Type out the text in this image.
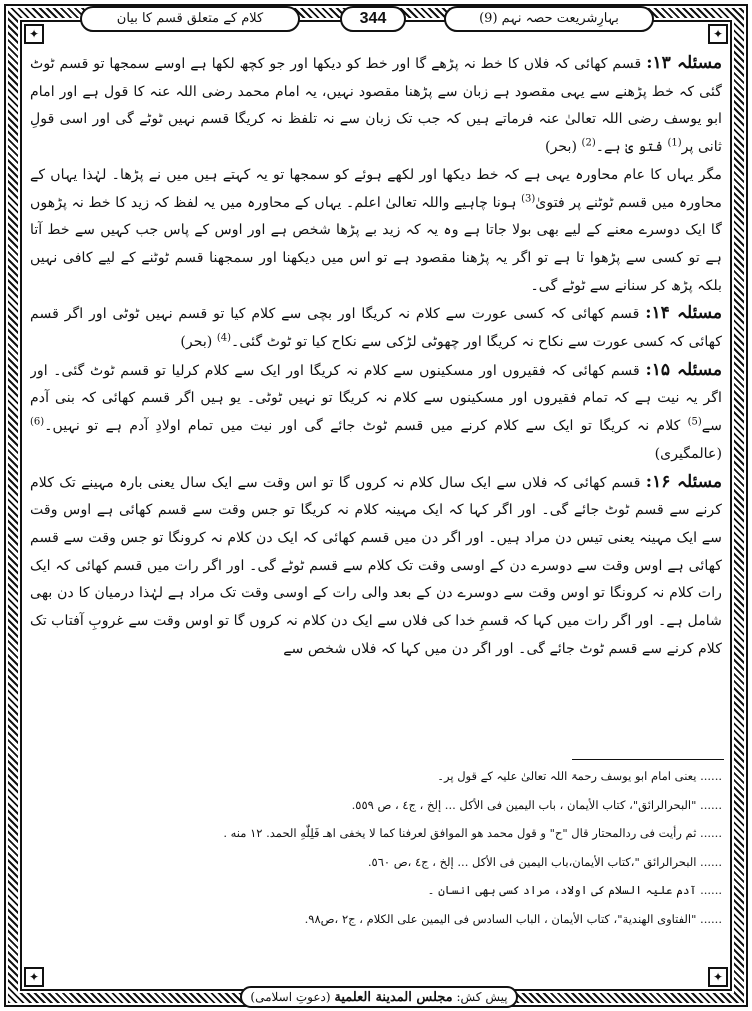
✦	✦
✦	✦
بہارِشریعت حصہ نہم (9)
344
کلام کے متعلق قسم کا بیان

مسئلہ ۱۳: قسم کھائی کہ فلاں کا خط نہ پڑھے گا اور خط کو دیکھا اور جو کچھ لکھا ہے اوسے سمجھا تو قسم ٹوٹ گئی کہ خط پڑھنے سے یہی مقصود ہے زبان سے پڑھنا مقصود نہیں، یہ امام محمد رضی اللہ عنہ کا قول ہے اور امام ابو یوسف رضی اللہ تعالیٰ عنہ فرماتے ہیں کہ جب تک زبان سے نہ تلفظ نہ کریگا قسم نہیں ٹوٹے گی اور اسی قولِ ثانی پر$^{(1)}$ فتو یٰ ہے۔$^{(2)}$ (بحر)

مگر یہاں کا عام محاورہ یہی ہے کہ خط دیکھا اور لکھے ہوئے کو سمجھا تو یہ کہتے ہیں میں نے پڑھا۔ لہٰذا یہاں کے محاورہ میں قسم ٹوٹنے پر فتویٰ$^{(3)}$ ہونا چاہیے واللہ تعالیٰ اعلم۔ یہاں کے محاورہ میں یہ لفظ کہ زید کا خط نہ پڑھوں گا ایک دوسرے معنے کے لیے بھی بولا جاتا ہے وہ یہ کہ زید بے پڑھا شخص ہے اور اوس کے پاس جب کہیں سے خط آتا ہے تو کسی سے پڑھوا تا ہے تو اگر یہ پڑھنا مقصود ہے تو اس میں دیکھنا اور سمجھنا قسم ٹوٹنے کے لیے کافی نہیں بلکہ پڑھ کر سنانے سے ٹوٹے گی۔

مسئلہ ۱۴: قسم کھائی کہ کسی عورت سے کلام نہ کریگا اور بچی سے کلام کیا تو قسم نہیں ٹوٹی اور اگر قسم کھائی کہ کسی عورت سے نکاح نہ کریگا اور چھوٹی لڑکی سے نکاح کیا تو ٹوٹ گئی۔$^{(4)}$ (بحر)

مسئلہ ۱۵: قسم کھائی کہ فقیروں اور مسکینوں سے کلام نہ کریگا اور ایک سے کلام کرلیا تو قسم ٹوٹ گئی۔ اور اگر یہ نیت ہے کہ تمام فقیروں اور مسکینوں سے کلام نہ کریگا تو نہیں ٹوٹی۔ یو ہیں اگر قسم کھائی کہ بنی آدم سے$^{(5)}$ کلام نہ کریگا تو ایک سے کلام کرنے میں قسم ٹوٹ جائے گی اور نیت میں تمام اولادِ آدم ہے تو نہیں۔$^{(6)}$ (عالمگیری)

مسئلہ ۱۶: قسم کھائی کہ فلاں سے ایک سال کلام نہ کروں گا تو اس وقت سے ایک سال یعنی بارہ مہینے تک کلام کرنے سے قسم ٹوٹ جائے گی۔ اور اگر کہا کہ ایک مہینہ کلام نہ کریگا تو جس وقت سے قسم کھائی ہے اوس وقت سے ایک مہینہ یعنی تیس دن مراد ہیں۔ اور اگر دن میں قسم کھائی کہ ایک دن کلام نہ کرونگا تو جس وقت سے قسم کھائی ہے اوس وقت سے دوسرے دن کے اوسی وقت تک کلام سے قسم ٹوٹے گی۔ اور اگر رات میں قسم کھائی کہ ایک رات کلام نہ کرونگا تو اوس وقت سے دوسرے دن کے بعد والی رات کے اوسی وقت تک مراد ہے لہٰذا درمیان کا دن بھی شامل ہے۔ اور اگر رات میں کہا کہ قسمِ خدا کی فلاں سے ایک دن کلام نہ کروں گا تو اوس وقت سے غروبِ آفتاب تک کلام کرنے سے قسم ٹوٹ جائے گی۔ اور اگر دن میں کہا کہ فلاں شخص سے

...... یعنی امام ابو یوسف رحمۃ اللہ تعالیٰ علیہ کے قول پر۔
...... "البحرالرائق"، کتاب الأیمان ، باب الیمین فی الأکل ... إلخ ، ج٤ ، ص ٥٥٩.
...... ثم رأیت فی ردالمحتار قال "ح" و قول محمد هو الموافق لعرفنا کما لا یخفی اهـ فَلِلّٰهِ الحمد. ١٢ منه .
...... البحرالرائق "،کتاب الأیمان،باب الیمین فی الأکل ... إلخ ، ج٤ ،ص ٥٦٠.
...... آدم علیہ السلام کی اولاد، مراد کسی بھی انسان ۔
...... "الفتاوی الهندیة"، کتاب الأیمان ، الباب السادس فی الیمین علی الکلام ، ج٢ ،ص٩٨.
پیش کش: مجلس المدینة العلمیة (دعوتِ اسلامی)
